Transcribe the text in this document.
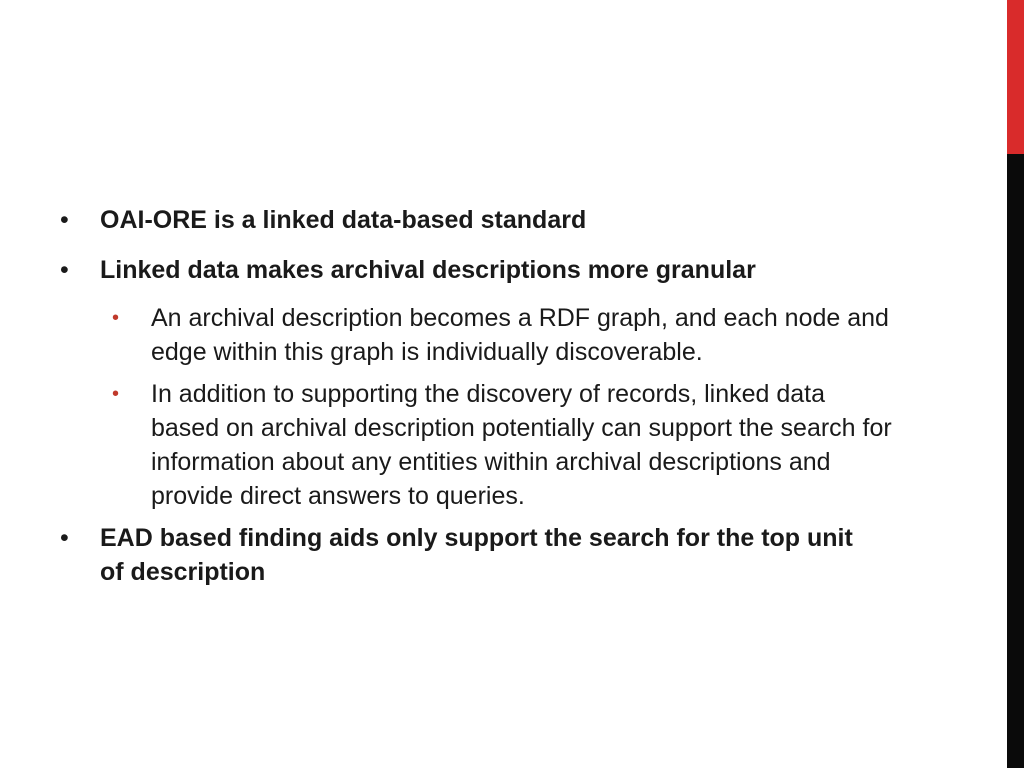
• OAI-ORE is a linked data-based standard
• Linked data makes archival descriptions more granular
• An archival description becomes a RDF graph, and each node and edge within this graph is individually discoverable.
• In addition to supporting the discovery of records, linked data based on archival description potentially can support the search for information about any entities within archival descriptions and provide direct answers to queries.
• EAD based finding aids only support the search for the top unit of description
